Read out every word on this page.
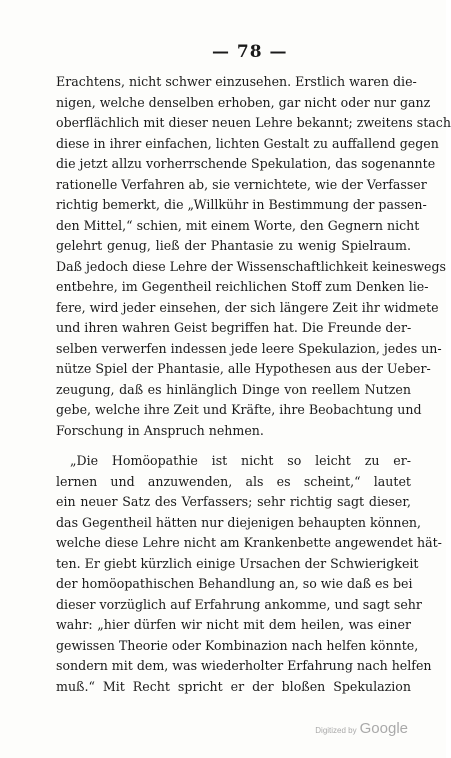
— 78 —
Erachtens, nicht schwer einzusehen. Erstlich waren die-
nigen, welche denselben erhoben, gar nicht oder nur ganz
oberflächlich mit dieser neuen Lehre bekannt; zweitens stach
diese in ihrer einfachen, lichten Gestalt zu auffallend gegen
die jetzt allzu vorherrschende Spekulation, das sogenannte
rationelle Verfahren ab, sie vernichtete, wie der Verfasser
richtig bemerkt, die „Willkühr in Bestimmung der passen-
den Mittel,“ schien, mit einem Worte, den Gegnern nicht
gelehrt genug, ließ der Phantasie zu wenig Spielraum.
Daß jedoch diese Lehre der Wissenschaftlichkeit keineswegs
entbehre, im Gegentheil reichlichen Stoff zum Denken lie-
fere, wird jeder einsehen, der sich längere Zeit ihr widmete
und ihren wahren Geist begriffen hat. Die Freunde der-
selben verwerfen indessen jede leere Spekulazion, jedes un-
nütze Spiel der Phantasie, alle Hypothesen aus der Ueber-
zeugung, daß es hinlänglich Dinge von reellem Nutzen
gebe, welche ihre Zeit und Kräfte, ihre Beobachtung und
Forschung in Anspruch nehmen.
„Die Homöopathie ist nicht so leicht zu er-
lernen und anzuwenden, als es scheint,“ lautet
ein neuer Satz des Verfassers; sehr richtig sagt dieser,
das Gegentheil hätten nur diejenigen behaupten können,
welche diese Lehre nicht am Krankenbette angewendet hät-
ten. Er giebt kürzlich einige Ursachen der Schwierigkeit
der homöopathischen Behandlung an, so wie daß es bei
dieser vorzüglich auf Erfahrung ankomme, und sagt sehr
wahr: „hier dürfen wir nicht mit dem heilen, was einer
gewissen Theorie oder Kombinazion nach helfen könnte,
sondern mit dem, was wiederholter Erfahrung nach helfen
muß.“ Mit Recht spricht er der bloßen Spekulazion
Digitized by Google
